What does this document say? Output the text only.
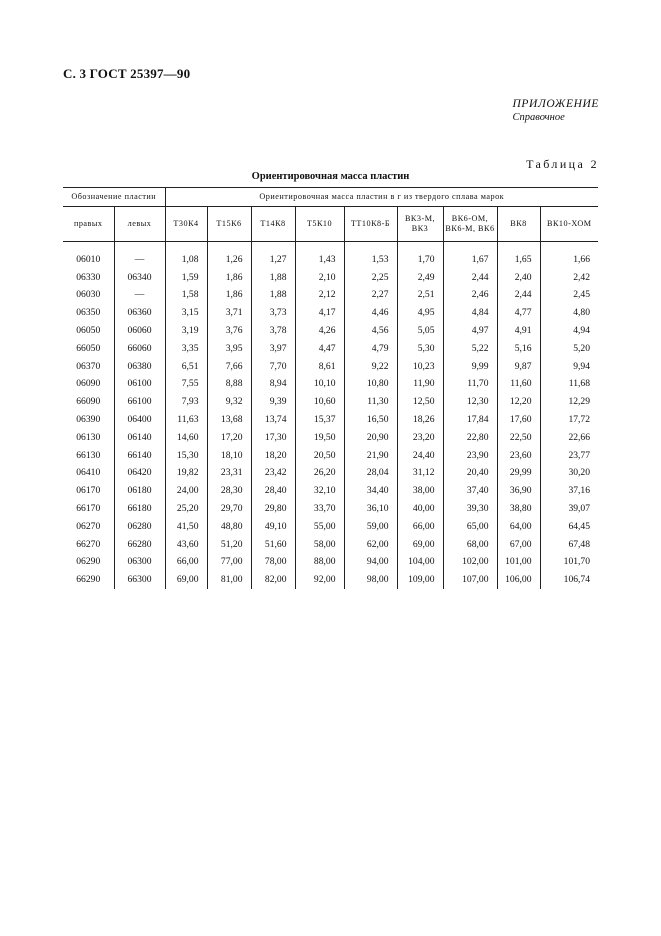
С. 3 ГОСТ 25397—90
ПРИЛОЖЕНИЕ
Справочное
Таблица 2
Ориентировочная масса пластин
Обозначение пластин		Ориентировочная масса пластин в г из твердого сплава марок								
правых	левых	Т30К4	Т15К6	Т14К8	Т5К10	ТТ10К8-Б	ВК3-М, ВК3	ВК6-ОМ, ВК6-М, ВК6	ВК8	ВК10-ХОМ

06010	—	1,08	1,26	1,27	1,43	1,53	1,70	1,67	1,65	1,66
06330	06340	1,59	1,86	1,88	2,10	2,25	2,49	2,44	2,40	2,42
06030	—	1,58	1,86	1,88	2,12	2,27	2,51	2,46	2,44	2,45
06350	06360	3,15	3,71	3,73	4,17	4,46	4,95	4,84	4,77	4,80
06050	06060	3,19	3,76	3,78	4,26	4,56	5,05	4,97	4,91	4,94
66050	66060	3,35	3,95	3,97	4,47	4,79	5,30	5,22	5,16	5,20
06370	06380	6,51	7,66	7,70	8,61	9,22	10,23	9,99	9,87	9,94
06090	06100	7,55	8,88	8,94	10,10	10,80	11,90	11,70	11,60	11,68
66090	66100	7,93	9,32	9,39	10,60	11,30	12,50	12,30	12,20	12,29
06390	06400	11,63	13,68	13,74	15,37	16,50	18,26	17,84	17,60	17,72
06130	06140	14,60	17,20	17,30	19,50	20,90	23,20	22,80	22,50	22,66
66130	66140	15,30	18,10	18,20	20,50	21,90	24,40	23,90	23,60	23,77
06410	06420	19,82	23,31	23,42	26,20	28,04	31,12	20,40	29,99	30,20
06170	06180	24,00	28,30	28,40	32,10	34,40	38,00	37,40	36,90	37,16
66170	66180	25,20	29,70	29,80	33,70	36,10	40,00	39,30	38,80	39,07
06270	06280	41,50	48,80	49,10	55,00	59,00	66,00	65,00	64,00	64,45
66270	66280	43,60	51,20	51,60	58,00	62,00	69,00	68,00	67,00	67,48
06290	06300	66,00	77,00	78,00	88,00	94,00	104,00	102,00	101,00	101,70
66290	66300	69,00	81,00	82,00	92,00	98,00	109,00	107,00	106,00	106,74
